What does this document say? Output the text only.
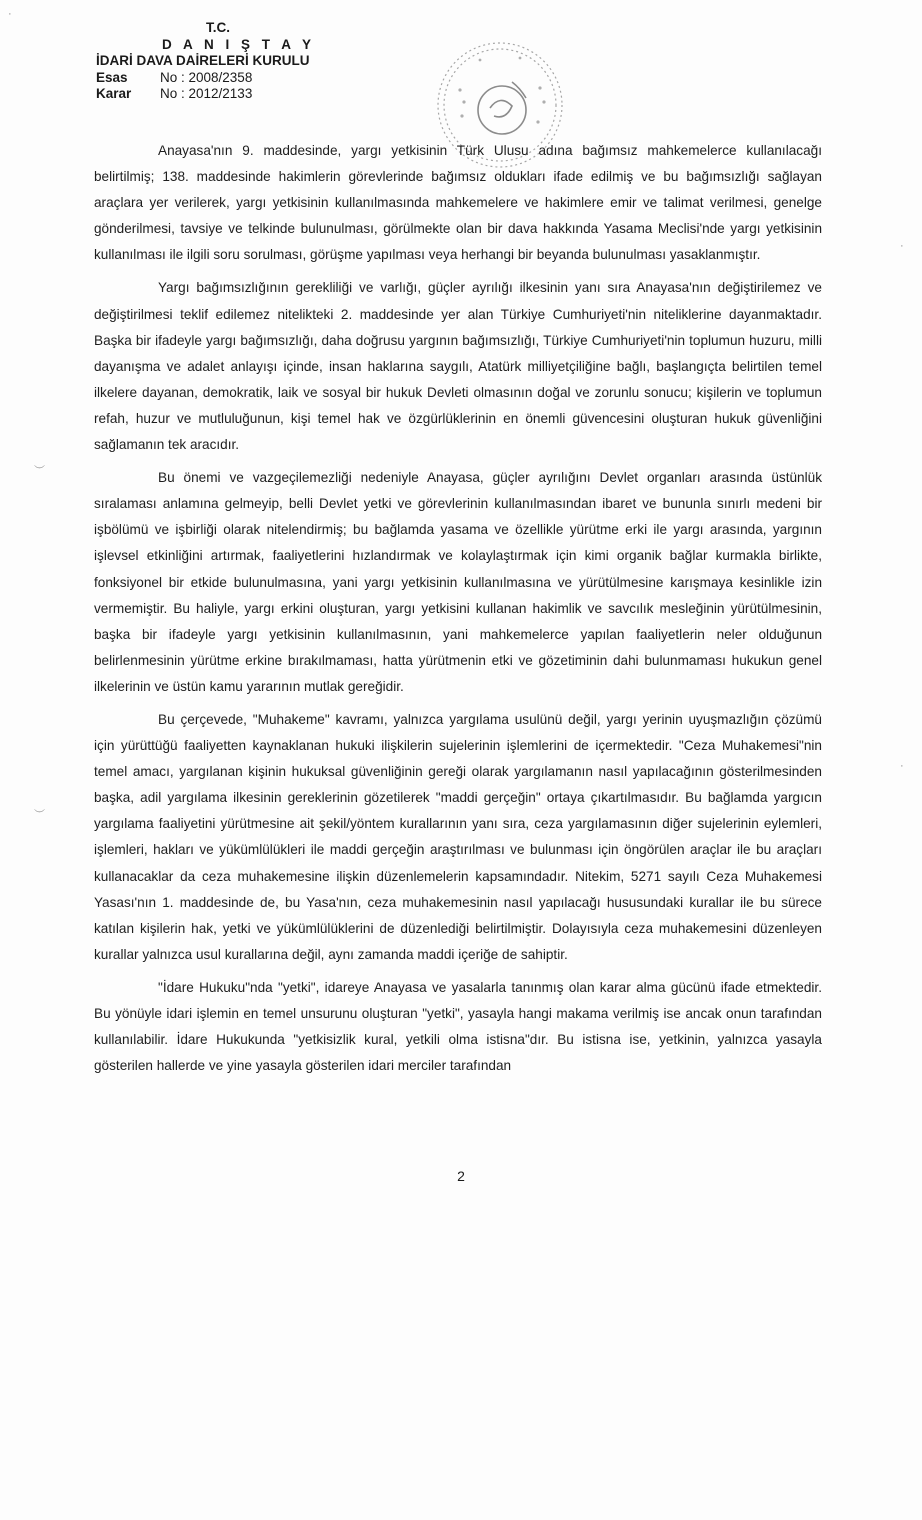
T.C.
D A N I Ş T A Y
İDARİ DAVA DAİRELERİ KURULU
Esas	No : 2008/2358
Karar	No : 2012/2133

Anayasa'nın 9. maddesinde, yargı yetkisinin Türk Ulusu adına bağımsız mahkemelerce kullanılacağı belirtilmiş; 138. maddesinde hakimlerin görevlerinde bağımsız oldukları ifade edilmiş ve bu bağımsızlığı sağlayan araçlara yer verilerek, yargı yetkisinin kullanılmasında mahkemelere ve hakimlere emir ve talimat verilmesi, genelge gönderilmesi, tavsiye ve telkinde bulunulması, görülmekte olan bir dava hakkında Yasama Meclisi'nde yargı yetkisinin kullanılması ile ilgili soru sorulması, görüşme yapılması veya herhangi bir beyanda bulunulması yasaklanmıştır.

Yargı bağımsızlığının gerekliliği ve varlığı, güçler ayrılığı ilkesinin yanı sıra Anayasa'nın değiştirilemez ve değiştirilmesi teklif edilemez nitelikteki 2. maddesinde yer alan Türkiye Cumhuriyeti'nin niteliklerine dayanmaktadır. Başka bir ifadeyle yargı bağımsızlığı, daha doğrusu yargının bağımsızlığı, Türkiye Cumhuriyeti'nin toplumun huzuru, milli dayanışma ve adalet anlayışı içinde, insan haklarına saygılı, Atatürk milliyetçiliğine bağlı, başlangıçta belirtilen temel ilkelere dayanan, demokratik, laik ve sosyal bir hukuk Devleti olmasının doğal ve zorunlu sonucu; kişilerin ve toplumun refah, huzur ve mutluluğunun, kişi temel hak ve özgürlüklerinin en önemli güvencesini oluşturan hukuk güvenliğini sağlamanın tek aracıdır.

Bu önemi ve vazgeçilemezliği nedeniyle Anayasa, güçler ayrılığını Devlet organları arasında üstünlük sıralaması anlamına gelmeyip, belli Devlet yetki ve görevlerinin kullanılmasından ibaret ve bununla sınırlı medeni bir işbölümü ve işbirliği olarak nitelendirmiş; bu bağlamda yasama ve özellikle yürütme erki ile yargı arasında, yargının işlevsel etkinliğini artırmak, faaliyetlerini hızlandırmak ve kolaylaştırmak için kimi organik bağlar kurmakla birlikte, fonksiyonel bir etkide bulunulmasına, yani yargı yetkisinin kullanılmasına ve yürütülmesine karışmaya kesinlikle izin vermemiştir. Bu haliyle, yargı erkini oluşturan, yargı yetkisini kullanan hakimlik ve savcılık mesleğinin yürütülmesinin, başka bir ifadeyle yargı yetkisinin kullanılmasının, yani mahkemelerce yapılan faaliyetlerin neler olduğunun belirlenmesinin yürütme erkine bırakılmaması, hatta yürütmenin etki ve gözetiminin dahi bulunmaması hukukun genel ilkelerinin ve üstün kamu yararının mutlak gereğidir.

Bu çerçevede, "Muhakeme" kavramı, yalnızca yargılama usulünü değil, yargı yerinin uyuşmazlığın çözümü için yürüttüğü faaliyetten kaynaklanan hukuki ilişkilerin sujelerinin işlemlerini de içermektedir. "Ceza Muhakemesi"nin temel amacı, yargılanan kişinin hukuksal güvenliğinin gereği olarak yargılamanın nasıl yapılacağının gösterilmesinden başka, adil yargılama ilkesinin gereklerinin gözetilerek "maddi gerçeğin" ortaya çıkartılmasıdır. Bu bağlamda yargıcın yargılama faaliyetini yürütmesine ait şekil/yöntem kurallarının yanı sıra, ceza yargılamasının diğer sujelerinin eylemleri, işlemleri, hakları ve yükümlülükleri ile maddi gerçeğin araştırılması ve bulunması için öngörülen araçlar ile bu araçları kullanacaklar da ceza muhakemesine ilişkin düzenlemelerin kapsamındadır. Nitekim, 5271 sayılı Ceza Muhakemesi Yasası'nın 1. maddesinde de, bu Yasa'nın, ceza muhakemesinin nasıl yapılacağı hususundaki kurallar ile bu sürece katılan kişilerin hak, yetki ve yükümlülüklerini de düzenlediği belirtilmiştir. Dolayısıyla ceza muhakemesini düzenleyen kurallar yalnızca usul kurallarına değil, aynı zamanda maddi içeriğe de sahiptir.

"İdare Hukuku"nda "yetki", idareye Anayasa ve yasalarla tanınmış olan karar alma gücünü ifade etmektedir. Bu yönüyle idari işlemin en temel unsurunu oluşturan "yetki", yasayla hangi makama verilmiş ise ancak onun tarafından kullanılabilir. İdare Hukukunda "yetkisizlik kural, yetkili olma istisna"dır. Bu istisna ise, yetkinin, yalnızca yasayla gösterilen hallerde ve yine yasayla gösterilen idari merciler tarafından

2
︶
︶
·
·
·
